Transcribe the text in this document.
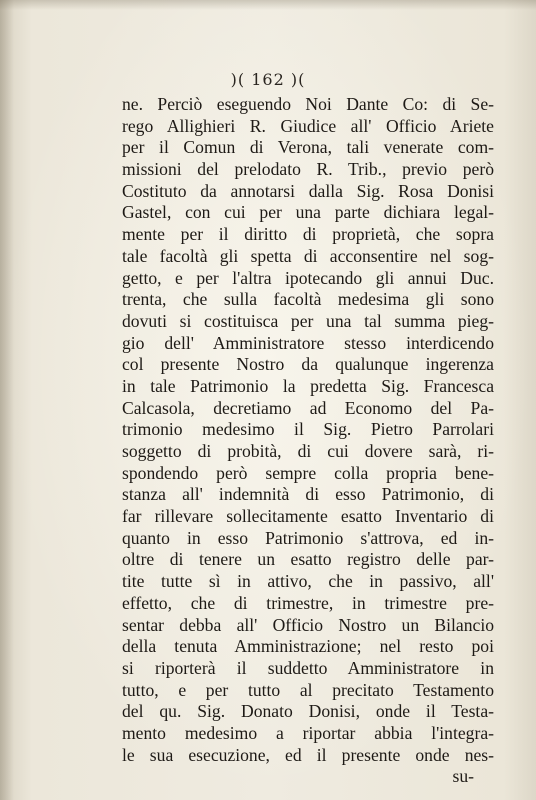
)( 162 )(
ne. Perciò eseguendo Noi Dante Co: di Se-
rego Allighieri R. Giudice all' Officio Ariete
per il Comun di Verona, tali venerate com-
missioni del prelodato R. Trib., previo però
Costituto da annotarsi dalla Sig. Rosa Donisi
Gastel, con cui per una parte dichiara legal-
mente per il diritto di proprietà, che sopra
tale facoltà gli spetta di acconsentire nel sog-
getto, e per l'altra ipotecando gli annui Duc.
trenta, che sulla facoltà medesima gli sono
dovuti si costituisca per una tal summa pieg-
gio dell' Amministratore stesso interdicendo
col presente Nostro da qualunque ingerenza
in tale Patrimonio la predetta Sig. Francesca
Calcasola, decretiamo ad Economo del Pa-
trimonio medesimo il Sig. Pietro Parrolari
soggetto di probità, di cui dovere sarà, ri-
spondendo però sempre colla propria bene-
stanza all' indemnità di esso Patrimonio, di
far rillevare sollecitamente esatto Inventario di
quanto in esso Patrimonio s'attrova, ed in-
oltre di tenere un esatto registro delle par-
tite tutte sì in attivo, che in passivo, all'
effetto, che di trimestre, in trimestre pre-
sentar debba all' Officio Nostro un Bilancio
della tenuta Amministrazione; nel resto poi
si riporterà il suddetto Amministratore in
tutto, e per tutto al precitato Testamento
del qu. Sig. Donato Donisi, onde il Testa-
mento medesimo a riportar abbia l'integra-
le sua esecuzione, ed il presente onde nes-
su-
